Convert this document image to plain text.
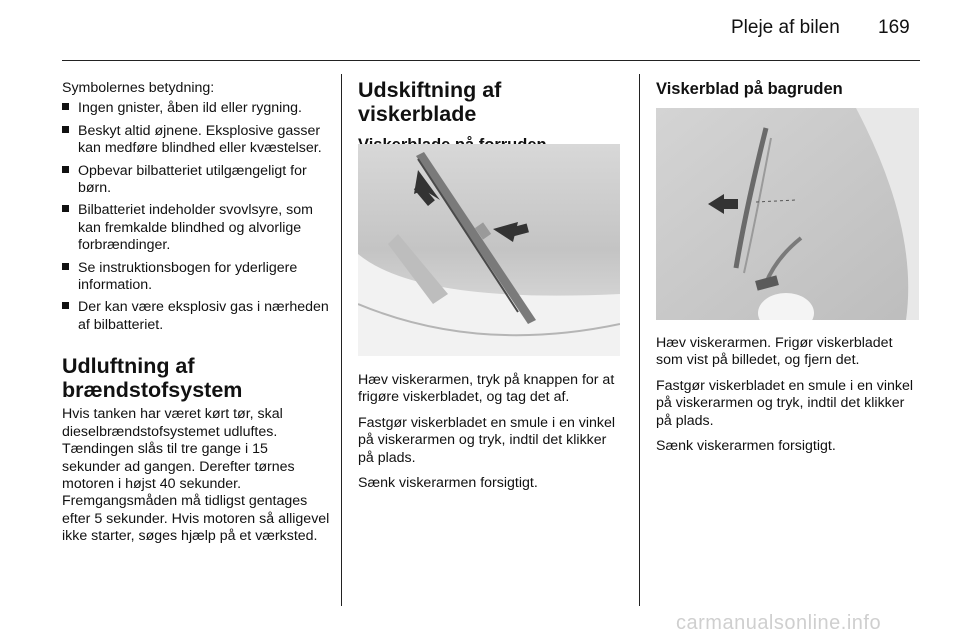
Pleje af bilen 169

Symbolernes betydning:

Ingen gnister, åben ild eller rygning.
Beskyt altid øjnene. Eksplosive gasser kan medføre blindhed eller kvæstelser.
Opbevar bilbatteriet utilgængeligt for børn.
Bilbatteriet indeholder svovlsyre, som kan fremkalde blindhed og alvorlige forbrændinger.
Se instruktionsbogen for yderligere information.
Der kan være eksplosiv gas i nærheden af bilbatteriet.
Udluftning af brændstofsystem

Hvis tanken har været kørt tør, skal dieselbrændstofsystemet udluftes. Tændingen slås til tre gange i 15 sekunder ad gangen. Derefter tørnes motoren i højst 40 sekunder. Fremgangsmåden må tidligst gentages efter 5 sekunder. Hvis motoren så alligevel ikke starter, søges hjælp på et værksted.

Udskiftning af viskerblade

Hæv viskerarmen, tryk på knappen for at frigøre viskerbladet, og tag det af.

Fastgør viskerbladet en smule i en vinkel på viskerarmen og tryk, indtil det klikker på plads.

Sænk viskerarmen forsigtigt.

Viskerblad på bagruden

Hæv viskerarmen. Frigør viskerbladet som vist på billedet, og fjern det.

Fastgør viskerbladet en smule i en vinkel på viskerarmen og tryk, indtil det klikker på plads.

Sænk viskerarmen forsigtigt.

carmanualsonline.info
